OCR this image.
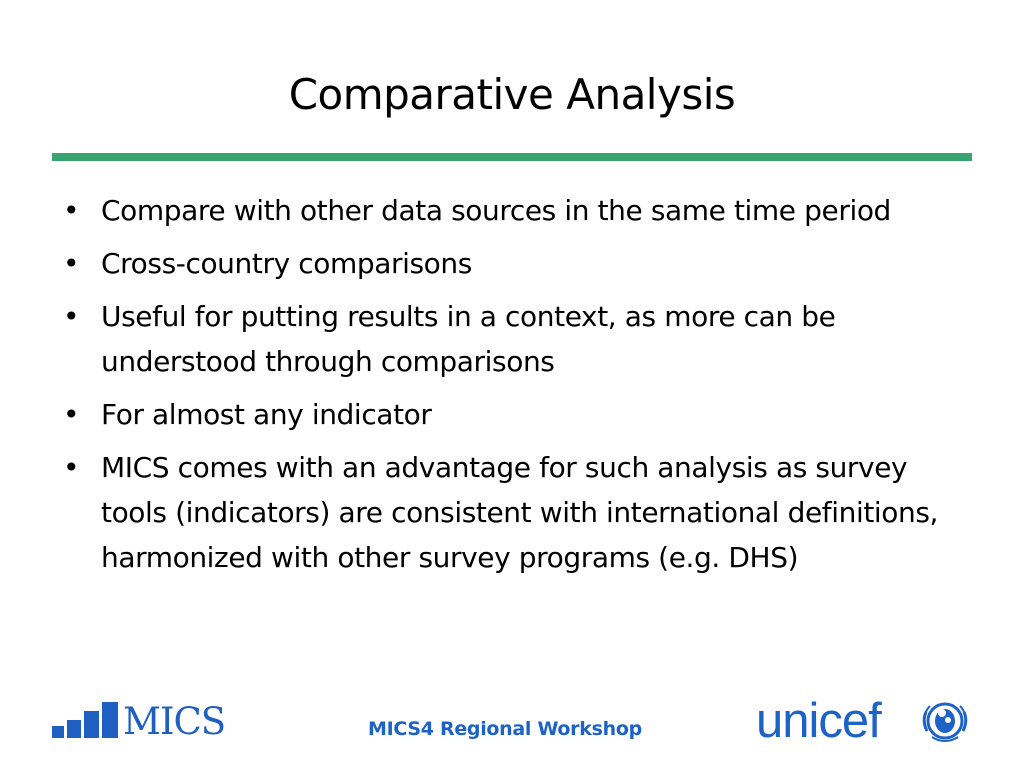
Comparative Analysis
• Compare with other data sources in the same time period
• Cross-country comparisons
• Useful for putting results in a context, as more can be understood through comparisons
• For almost any indicator
• MICS comes with an advantage for such analysis as survey tools (indicators) are consistent with international definitions, harmonized with other survey programs (e.g. DHS)
MICS	MICS4 Regional Workshop unicef
